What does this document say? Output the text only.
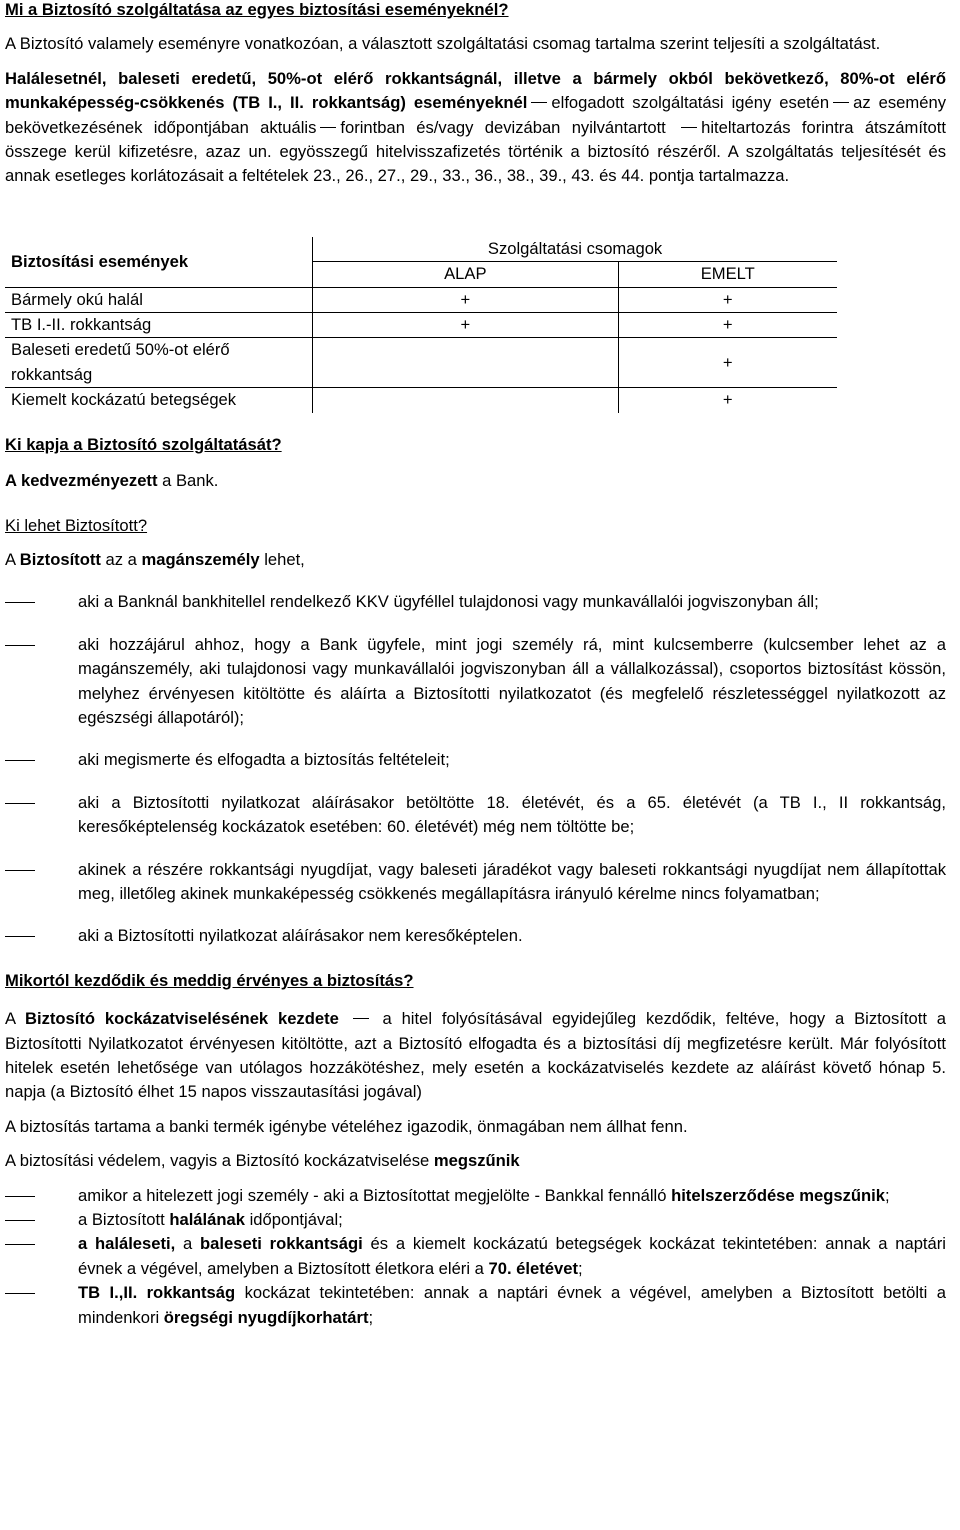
Mi a Biztosító szolgáltatása az egyes biztosítási eseményeknél?

A Biztosító valamely eseményre vonatkozóan, a választott szolgáltatási csomag tartalma szerint teljesíti a szolgáltatást.

Halálesetnél, baleseti eredetű, 50%-ot elérő rokkantságnál, illetve a bármely okból bekövetkező, 80%-ot elérő munkaképesség-csökkenés (TB I., II. rokkantság) eseményeknél elfogadott szolgáltatási igény esetén az esemény bekövetkezésének időpontjában aktuális forintban és/vagy devizában nyilvántartott hiteltartozás forintra átszámított összege kerül kifizetésre, azaz un. egyösszegű hitelvisszafizetés történik a biztosító részéről. A szolgáltatás teljesítését és annak esetleges korlátozásait a feltételek 23., 26., 27., 29., 33., 36., 38., 39., 43. és 44. pontja tartalmazza.

Biztosítási események	Szolgáltatási csomagok	
	ALAP	EMELT
Bármely okú halál	+	+
TB I.-II. rokkantság	+	+
Baleseti eredetű 50%-ot elérő rokkantság		+
Kiemelt kockázatú betegségek		+

Ki kapja a Biztosító szolgáltatását?

A kedvezményezett a Bank.

Ki lehet Biztosított?

A Biztosított az a magánszemély lehet,

aki a Banknál bankhitellel rendelkező KKV ügyféllel tulajdonosi vagy munkavállalói jogviszonyban áll;
aki hozzájárul ahhoz, hogy a Bank ügyfele, mint jogi személy rá, mint kulcsemberre (kulcsember lehet az a magánszemély, aki tulajdonosi vagy munkavállalói jogviszonyban áll a vállalkozással), csoportos biztosítást kössön, melyhez érvényesen kitöltötte és aláírta a Biztosítotti nyilatkozatot (és megfelelő részletességgel nyilatkozott az egészségi állapotáról);
aki megismerte és elfogadta a biztosítás feltételeit;
aki a Biztosítotti nyilatkozat aláírásakor betöltötte 18. életévét, és a 65. életévét (a TB I., II rokkantság, keresőképtelenség kockázatok esetében: 60. életévét) még nem töltötte be;
akinek a részére rokkantsági nyugdíjat, vagy baleseti járadékot vagy baleseti rokkantsági nyugdíjat nem állapítottak meg, illetőleg akinek munkaképesség csökkenés megállapításra irányuló kérelme nincs folyamatban;
aki a Biztosítotti nyilatkozat aláírásakor nem keresőképtelen.

Mikortól kezdődik és meddig érvényes a biztosítás?

A Biztosító kockázatviselésének kezdete	a hitel folyósításával egyidejűleg kezdődik, feltéve, hogy a Biztosított a Biztosítotti Nyilatkozatot érvényesen kitöltötte, azt a Biztosító elfogadta és a biztosítási díj megfizetésre került. Már folyósított hitelek esetén lehetősége van utólagos hozzákötéshez, mely esetén a kockázatviselés kezdete az aláírást követő hónap 5. napja (a Biztosító élhet 15 napos visszautasítási jogával)

A biztosítás tartama a banki termék igénybe vételéhez igazodik, önmagában nem állhat fenn.

A biztosítási védelem, vagyis a Biztosító kockázatviselése megszűnik

amikor a hitelezett jogi személy - aki a Biztosítottat megjelölte - Bankkal fennálló hitelszerződése megszűnik;
a Biztosított halálának időpontjával;
a haláleseti, a baleseti rokkantsági és a kiemelt kockázatú betegségek kockázat tekintetében: annak a naptári évnek a végével, amelyben a Biztosított életkora eléri a 70. életévet;
TB I.,II. rokkantság kockázat tekintetében: annak a naptári évnek a végével, amelyben a Biztosított betölti a mindenkori öregségi nyugdíjkorhatárt;
